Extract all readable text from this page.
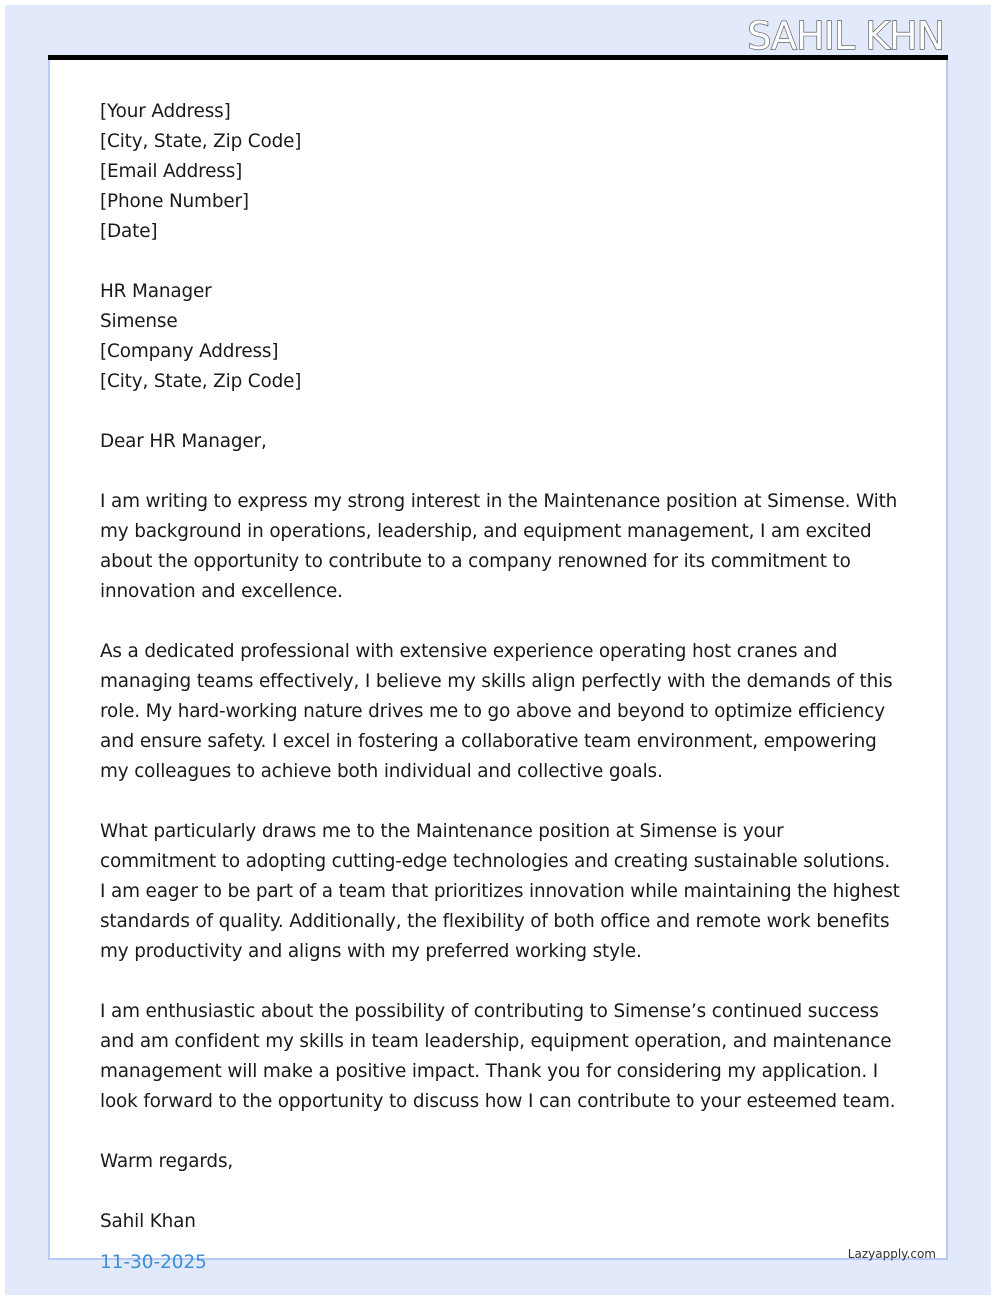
SAHIL KHN

[Your Address]

[City, State, Zip Code]

[Email Address]

[Phone Number]

[Date]

HR Manager

Simense

[Company Address]

[City, State, Zip Code]

Dear HR Manager,

I am writing to express my strong interest in the Maintenance position at Simense. With my background in operations, leadership, and equipment management, I am excited about the opportunity to contribute to a company renowned for its commitment to innovation and excellence.

As a dedicated professional with extensive experience operating host cranes and managing teams effectively, I believe my skills align perfectly with the demands of this role. My hard-working nature drives me to go above and beyond to optimize efficiency and ensure safety. I excel in fostering a collaborative team environment, empowering my colleagues to achieve both individual and collective goals.

What particularly draws me to the Maintenance position at Simense is your commitment to adopting cutting-edge technologies and creating sustainable solutions. I am eager to be part of a team that prioritizes innovation while maintaining the highest standards of quality. Additionally, the flexibility of both office and remote work benefits my productivity and aligns with my preferred working style.

I am enthusiastic about the possibility of contributing to Simense’s continued success and am confident my skills in team leadership, equipment operation, and maintenance management will make a positive impact. Thank you for considering my application. I look forward to the opportunity to discuss how I can contribute to your esteemed team.

Warm regards,

Sahil Khan

11-30-2025	Lazyapply.com
